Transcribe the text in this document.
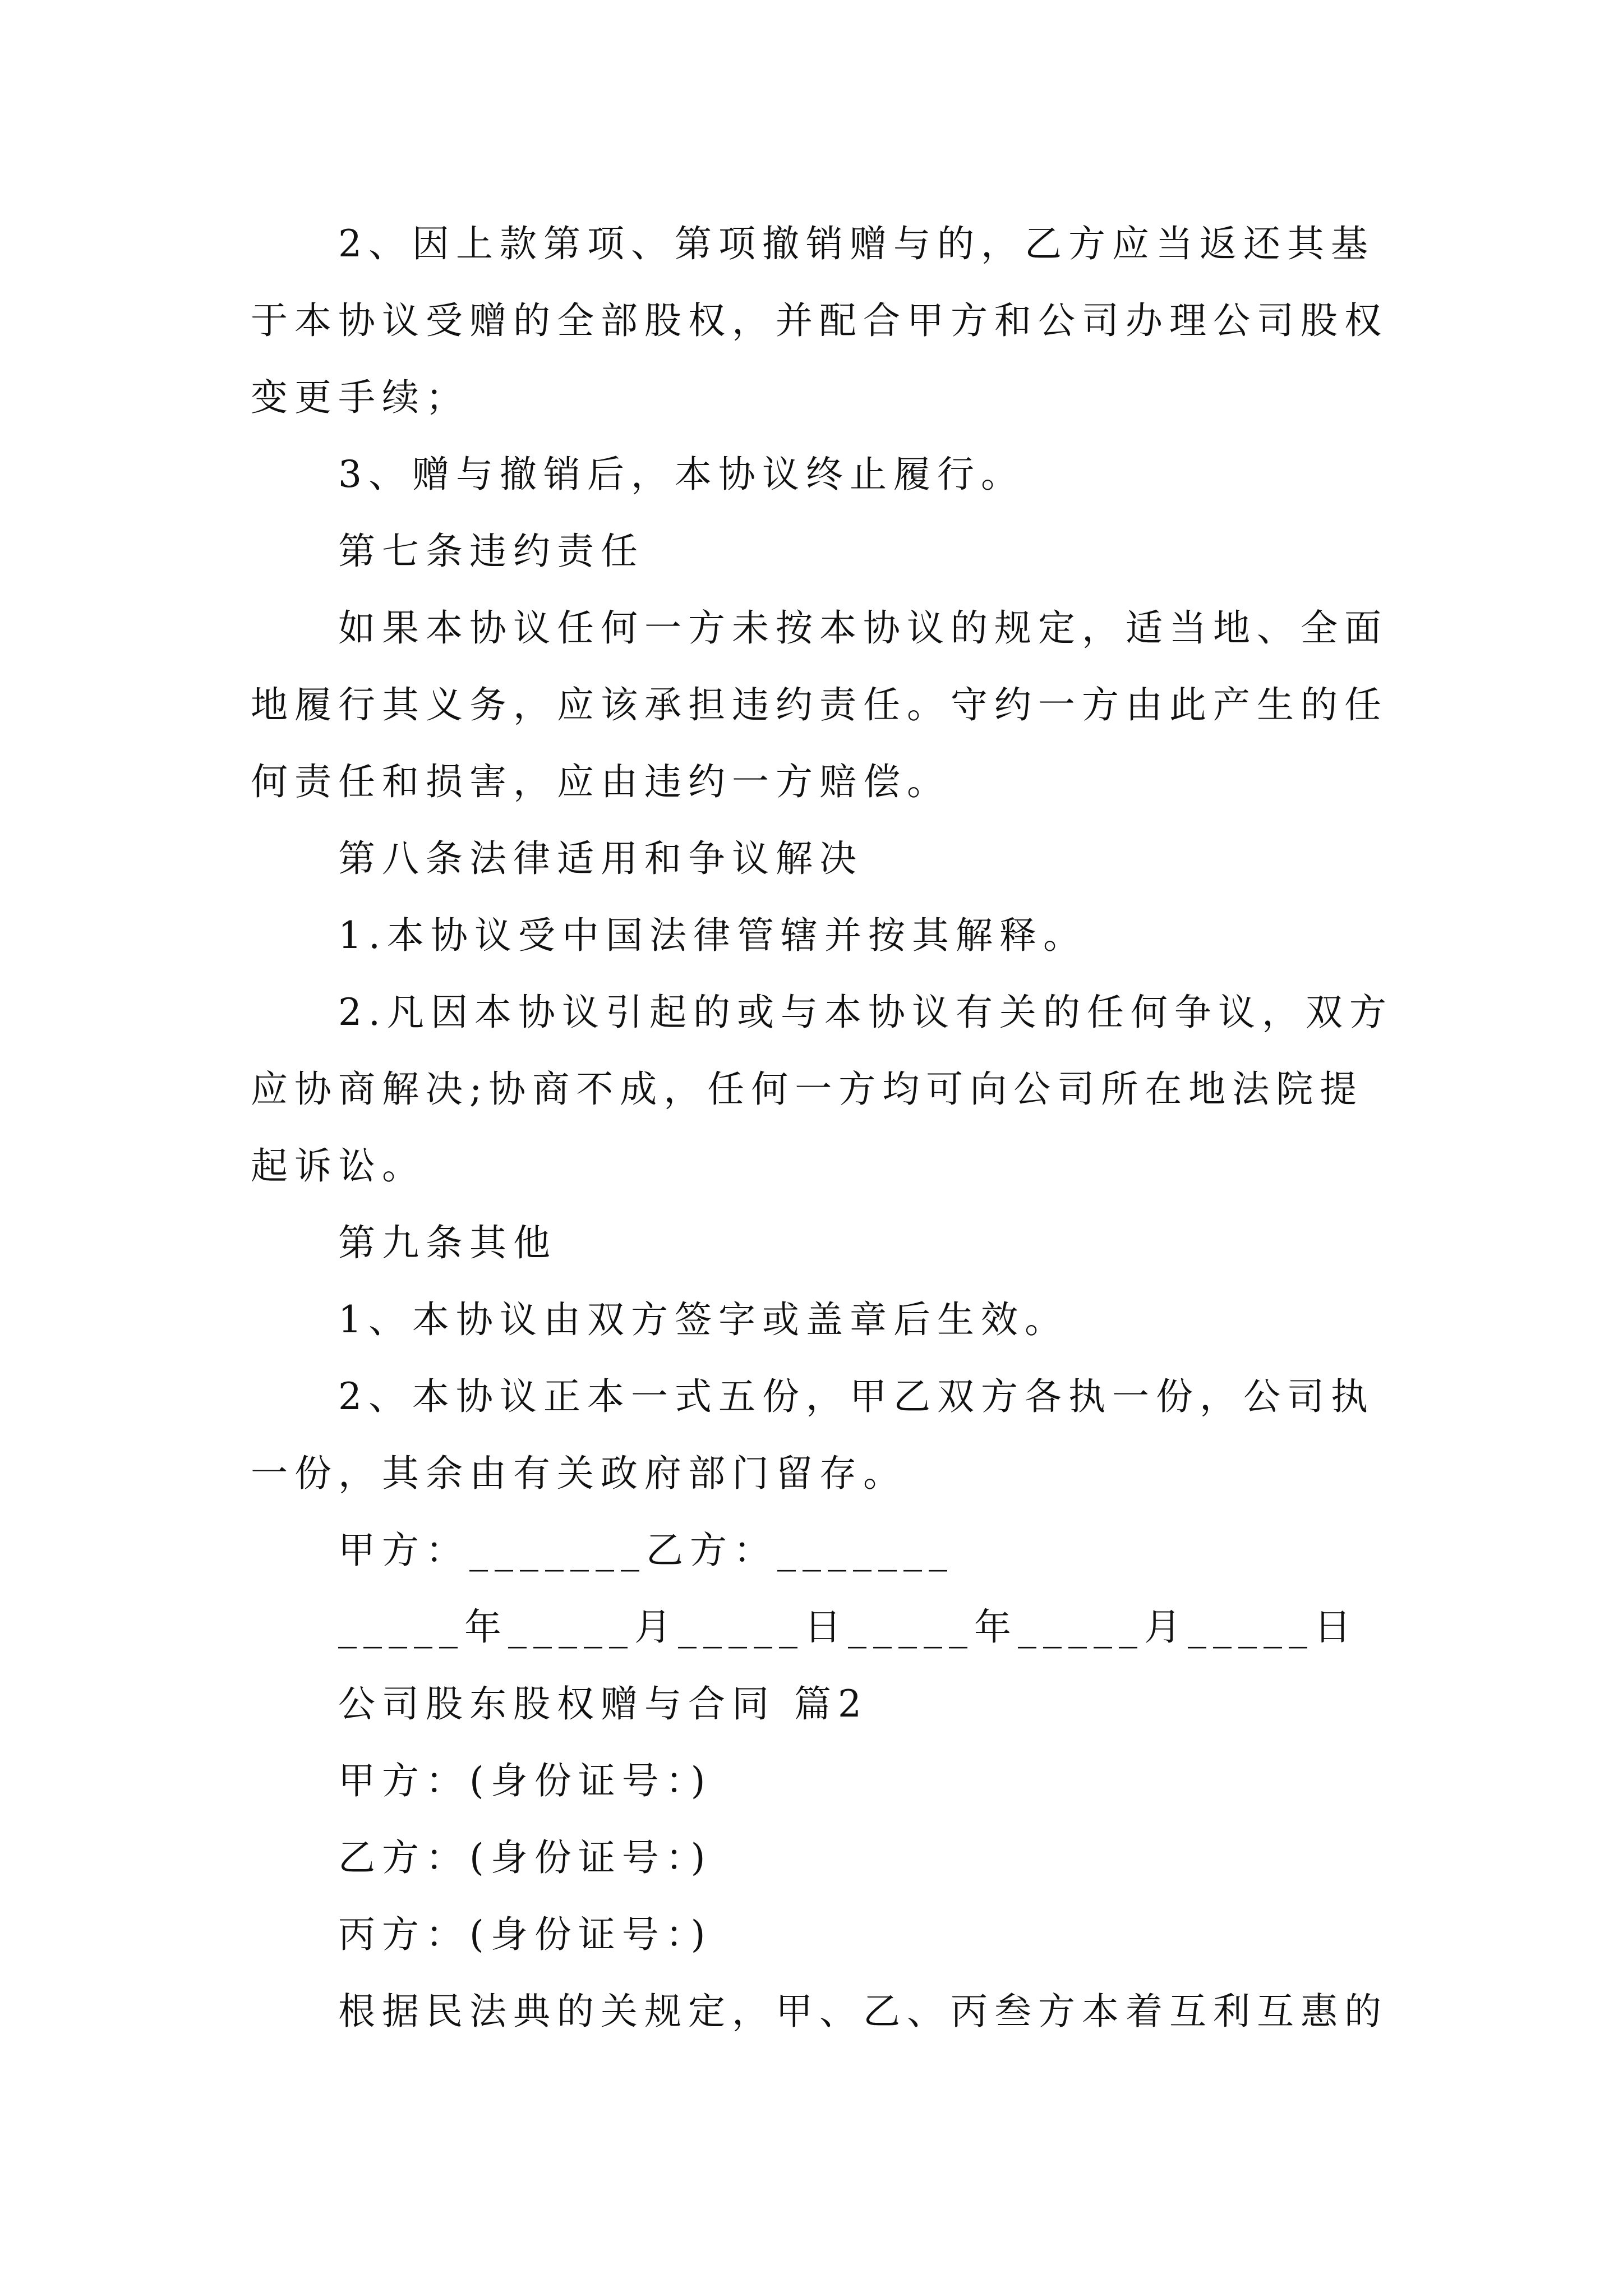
2、因上款第项、第项撤销赠与的，乙方应当返还其基
于本协议受赠的全部股权，并配合甲方和公司办理公司股权
变更手续；
3、赠与撤销后，本协议终止履行。
第七条违约责任
如果本协议任何一方未按本协议的规定，适当地、全面
地履行其义务，应该承担违约责任。守约一方由此产生的任
何责任和损害，应由违约一方赔偿。
第八条法律适用和争议解决
1.本协议受中国法律管辖并按其解释。
2.凡因本协议引起的或与本协议有关的任何争议，双方
应协商解决;协商不成，任何一方均可向公司所在地法院提
起诉讼。
第九条其他
1、本协议由双方签字或盖章后生效。
2、本协议正本一式五份，甲乙双方各执一份，公司执
一份，其余由有关政府部门留存。
甲方：_______乙方：_______
_____年_____月_____日_____年_____月_____日
公司股东股权赠与合同 篇2
甲方：(身份证号：)
乙方：(身份证号：)
丙方：(身份证号：)
根据民法典的关规定，甲、乙、丙叁方本着互利互惠的
